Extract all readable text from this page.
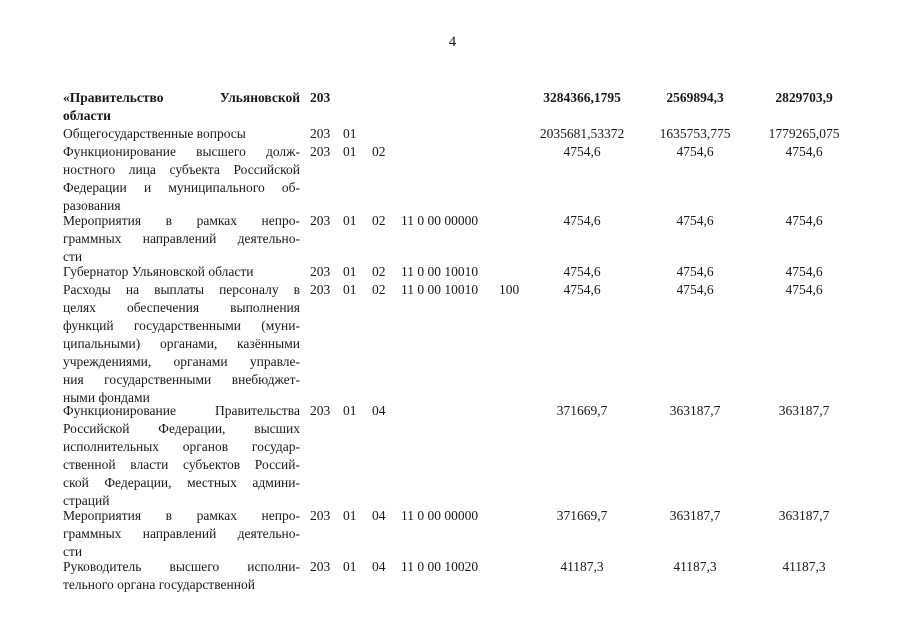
4
«Правительство Ульяновской
области
203	3284366,1795	2569894,3	2829703,9
Общегосударственные вопросы	203 01	2035681,53372	1635753,775	1779265,075
Функционирование высшего долж-
ностного лица субъекта Российской
Федерации и муниципального об-
разования
203 01 02	4754,6	4754,6	4754,6
Мероприятия в рамках непро-
граммных направлений деятельно-
сти
203 01 02 11 0 00 00000	4754,6	4754,6	4754,6
Губернатор Ульяновской области	203 01 02 11 0 00 10010	4754,6	4754,6	4754,6
Расходы на выплаты персоналу в
целях обеспечения выполнения
функций государственными (муни-
ципальными) органами, казёнными
учреждениями, органами управле-
ния государственными внебюджет-
ными фондами
203 01 02 11 0 00 10010 100	4754,6	4754,6	4754,6
Функционирование Правительства
Российской Федерации, высших
исполнительных органов государ-
ственной власти субъектов Россий-
ской Федерации, местных админи-
страций
203 01 04	371669,7	363187,7	363187,7
Мероприятия в рамках непро-
граммных направлений деятельно-
сти
203 01 04 11 0 00 00000	371669,7	363187,7	363187,7
Руководитель высшего исполни-
тельного органа государственной
203 01 04 11 0 00 10020	41187,3	41187,3	41187,3
